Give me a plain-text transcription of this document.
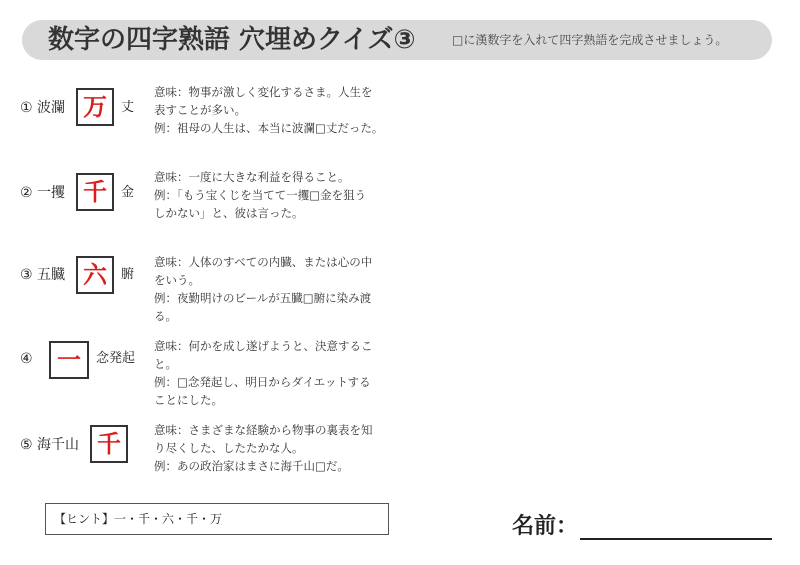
数字の四字熟語 穴埋めクイズ③	□に漢数字を入れて四字熟語を完成させましょう。
① 波瀾 万	丈
意味：物事が激しく変化するさま。人生を
表すことが多い。
例：祖母の人生は、本当に波瀾□丈だった。
② 一攫 千	金
意味：一度に大きな利益を得ること。
例：「もう宝くじを当てて一攫□金を狙う
しかない」と、彼は言った。
③ 五臓 六	腑
意味：人体のすべての内臓、または心の中
をいう。
例：夜勤明けのビールが五臓□腑に染み渡
る。
④	一	念発起
意味：何かを成し遂げようと、決意するこ
と。
例：□念発起し、明日からダイエットする
ことにした。
⑤ 海千山 千	意味：さまざまな経験から物事の裏表を知
り尽くした、したたかな人。
例：あの政治家はまさに海千山□だ。
【ヒント】一・千・六・千・万	名前：
